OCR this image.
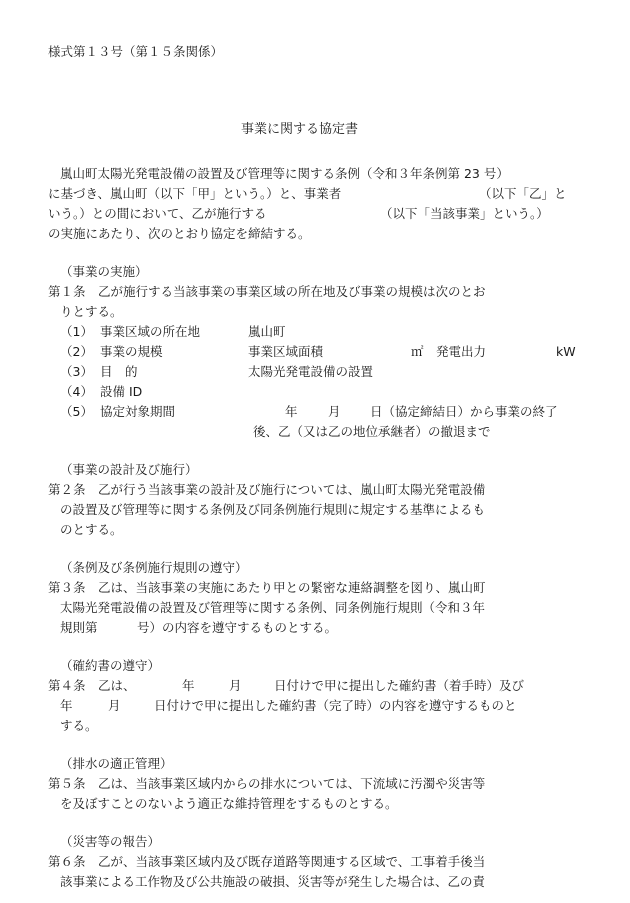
様式第１３号（第１５条関係）
事業に関する協定書
嵐山町太陽光発電設備の設置及び管理等に関する条例（令和３年条例第 23 号）
に基づき、嵐山町（以下「甲」という。）と、事業者	（以下「乙」と
いう。）との間において、乙が施行する	（以下「当該事業」という。）
の実施にあたり、次のとおり協定を締結する。
（事業の実施）
第１条　乙が施行する当該事業の事業区域の所在地及び事業の規模は次のとお
りとする。
（1） 事業区域の所在地	嵐山町
（2） 事業の規模	事業区域面積	㎡ 発電出力	kW
（3） 目　的	太陽光発電設備の設置
（4） 設備 ID
（5） 協定対象期間	年 月 日（協定締結日）から事業の終了
後、乙（又は乙の地位承継者）の撤退まで
（事業の設計及び施行）
第２条　乙が行う当該事業の設計及び施行については、嵐山町太陽光発電設備
の設置及び管理等に関する条例及び同条例施行規則に規定する基準によるも
のとする。
（条例及び条例施行規則の遵守）
第３条　乙は、当該事業の実施にあたり甲との緊密な連絡調整を図り、嵐山町
太陽光発電設備の設置及び管理等に関する条例、同条例施行規則（令和３年
規則第	号）の内容を遵守するものとする。
（確約書の遵守）
第４条　乙は、	年	月	日付けで甲に提出した確約書（着手時）及び
年	月	日付けで甲に提出した確約書（完了時）の内容を遵守するものと
する。
（排水の適正管理）
第５条　乙は、当該事業区域内からの排水については、下流域に汚濁や災害等
を及ぼすことのないよう適正な維持管理をするものとする。
（災害等の報告）
第６条　乙が、当該事業区域内及び既存道路等関連する区域で、工事着手後当
該事業による工作物及び公共施設の破損、災害等が発生した場合は、乙の責
